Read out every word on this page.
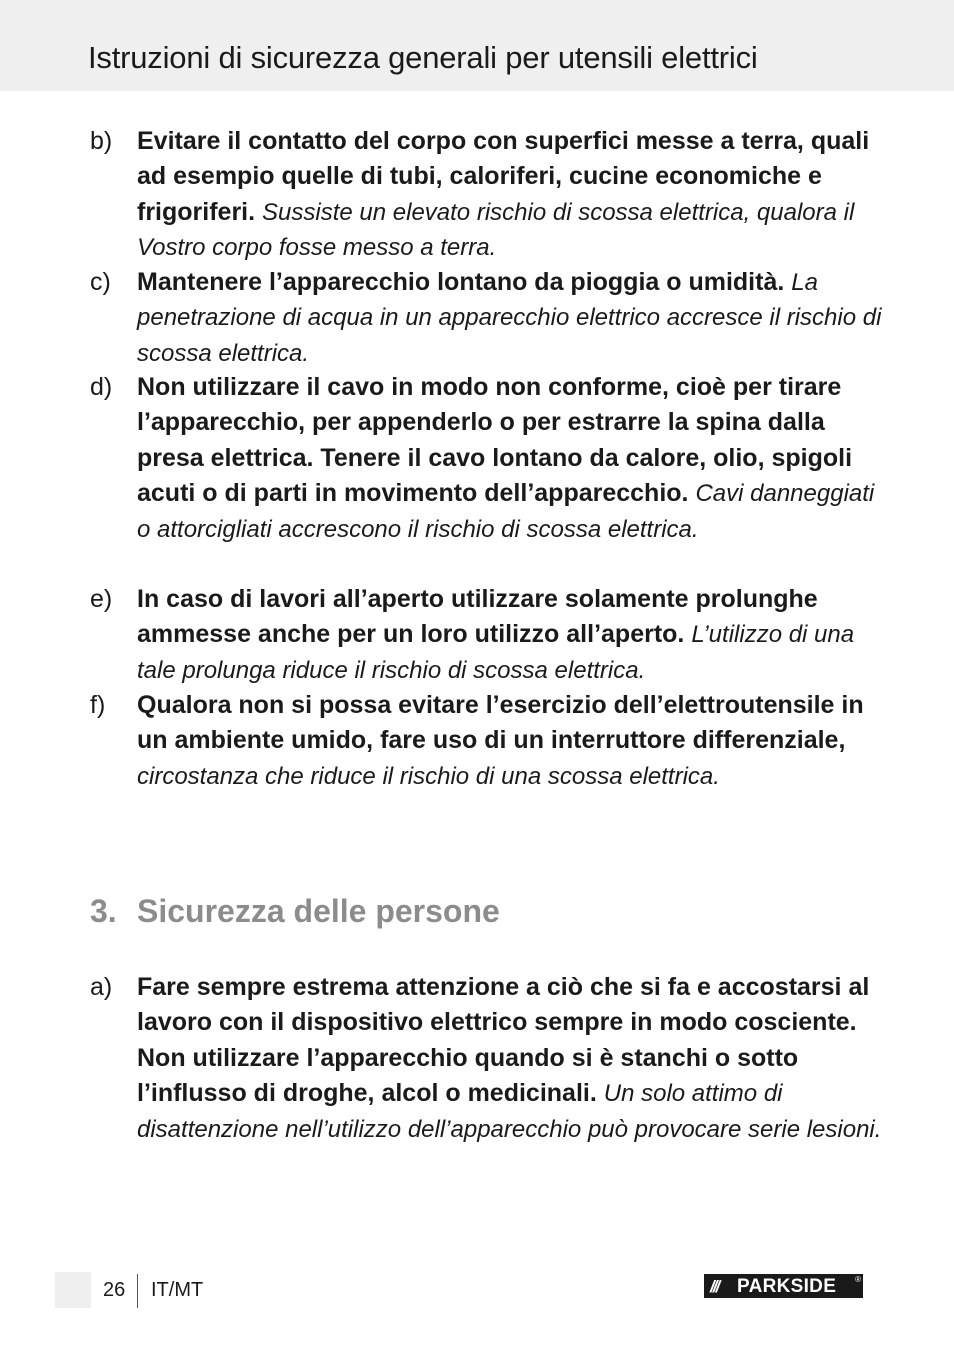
Istruzioni di sicurezza generali per utensili elettrici
b) Evitare il contatto del corpo con superfici messe a terra, quali ad esempio quelle di tubi, caloriferi, cucine economiche e frigoriferi. Sussiste un elevato rischio di scossa elettrica, qualora il Vostro corpo fosse messo a terra.
c)	Mantenere l’apparecchio lontano da pioggia o umidità. La penetrazione di acqua in un apparecchio elettrico accresce il rischio di scossa elettrica.
d) Non utilizzare il cavo in modo non conforme, cioè per tirare l’apparecchio, per appenderlo o per estrarre la spina dalla presa elettrica. Tenere il cavo lontano da calore, olio, spigoli acuti o di parti in movimento dell’apparecchio. Cavi danneggiati o attorcigliati accrescono il rischio di scossa elettrica.
e) In caso di lavori all’aperto utilizzare solamente prolunghe ammesse anche per un loro utilizzo all’aperto. L’utilizzo di una tale prolunga riduce il rischio di scossa elettrica.
f)	Qualora non si possa evitare l’esercizio dell’elettroutensile in un ambiente umido, fare uso di un interruttore differenziale, circostanza che riduce il rischio di una scossa elettrica.
3. Sicurezza delle persone
a) Fare sempre estrema attenzione a ciò che si fa e accostarsi al lavoro con il dispositivo elettrico sempre in modo cosciente. Non utilizzare l’apparecchio quando si è stanchi o sotto l’influsso di droghe, alcol o medicinali. Un solo attimo di disattenzione nell’utilizzo dell’apparecchio può provocare serie lesioni.
26 IT/MT	/// PARKSIDE ®
